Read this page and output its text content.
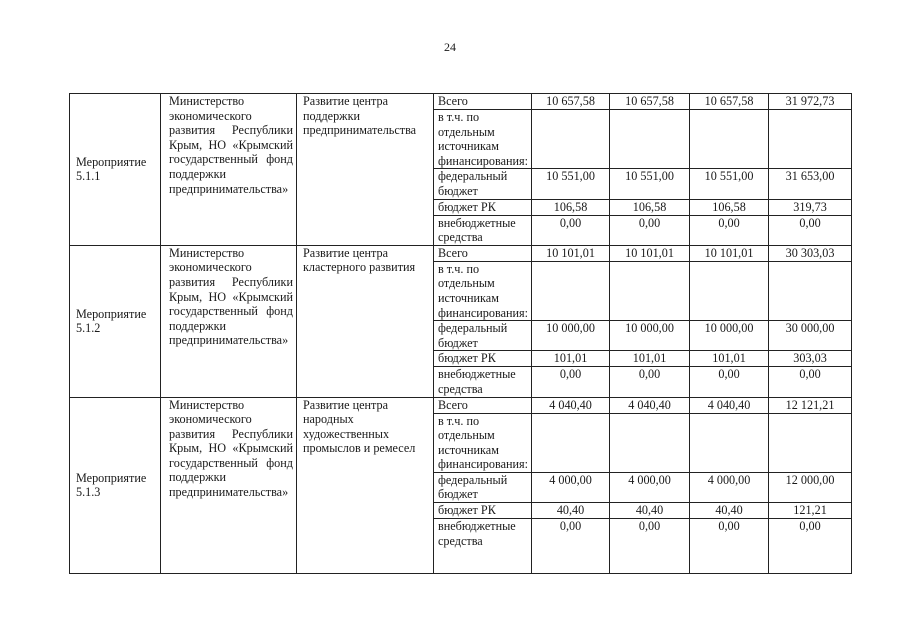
24
Мероприятие 5.1.1	Министерство экономического развития Республики Крым, НО «Крымский государственный фонд поддержки предпринимательства»	Развитие центра поддержки предпринимательства	Всего	10 657,58	10 657,58	10 657,58	31 972,73
			в т.ч. по отдельным источникам финансирования:				
			федеральный бюджет	10 551,00	10 551,00	10 551,00	31 653,00
			бюджет РК	106,58	106,58	106,58	319,73
			внебюджетные средства	0,00	0,00	0,00	0,00
Мероприятие 5.1.2	Министерство экономического развития Республики Крым, НО «Крымский государственный фонд поддержки предпринимательства»	Развитие центра кластерного развития	Всего	10 101,01	10 101,01	10 101,01	30 303,03
			в т.ч. по отдельным источникам финансирования:				
			федеральный бюджет	10 000,00	10 000,00	10 000,00	30 000,00
			бюджет РК	101,01	101,01	101,01	303,03
			внебюджетные средства	0,00	0,00	0,00	0,00
Мероприятие 5.1.3	Министерство экономического развития Республики Крым, НО «Крымский государственный фонд поддержки предпринимательства»	Развитие центра народных художественных промыслов и ремесел	Всего	4 040,40	4 040,40	4 040,40	12 121,21
			в т.ч. по отдельным источникам финансирования:				
			федеральный бюджет	4 000,00	4 000,00	4 000,00	12 000,00
			бюджет РК	40,40	40,40	40,40	121,21
			внебюджетные средства	0,00	0,00	0,00	0,00
